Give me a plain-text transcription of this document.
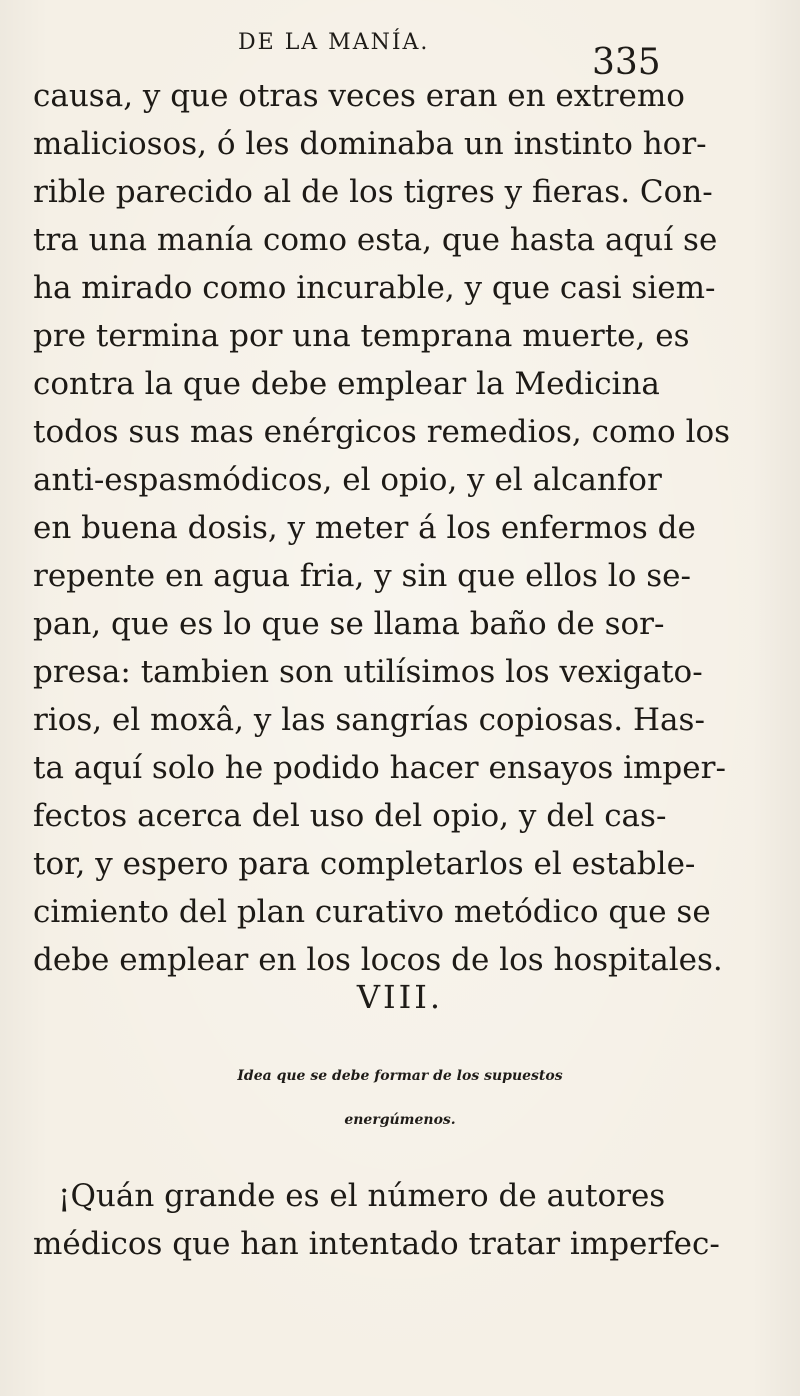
DE LA MANÍA.	335
causa, y que otras veces eran en extremo
maliciosos, ó les dominaba un instinto hor-
rible parecido al de los tigres y fieras. Con-
tra una manía como esta, que hasta aquí se
ha mirado como incurable, y que casi siem-
pre termina por una temprana muerte, es
contra la que debe emplear la Medicina
todos sus mas enérgicos remedios, como los
anti-espasmódicos, el opio, y el alcanfor
en buena dosis, y meter á los enfermos de
repente en agua fria, y sin que ellos lo se-
pan, que es lo que se llama baño de sor-
presa: tambien son utilísimos los vexigato-
rios, el moxâ, y las sangrías copiosas. Has-
ta aquí solo he podido hacer ensayos imper-
fectos acerca del uso del opio, y del cas-
tor, y espero para completarlos el estable-
cimiento del plan curativo metódico que se
debe emplear en los locos de los hospitales.
VIII.
Idea que se debe formar de los supuestos
energúmenos.
¡Quán grande es el número de autores
médicos que han intentado tratar imperfec-
